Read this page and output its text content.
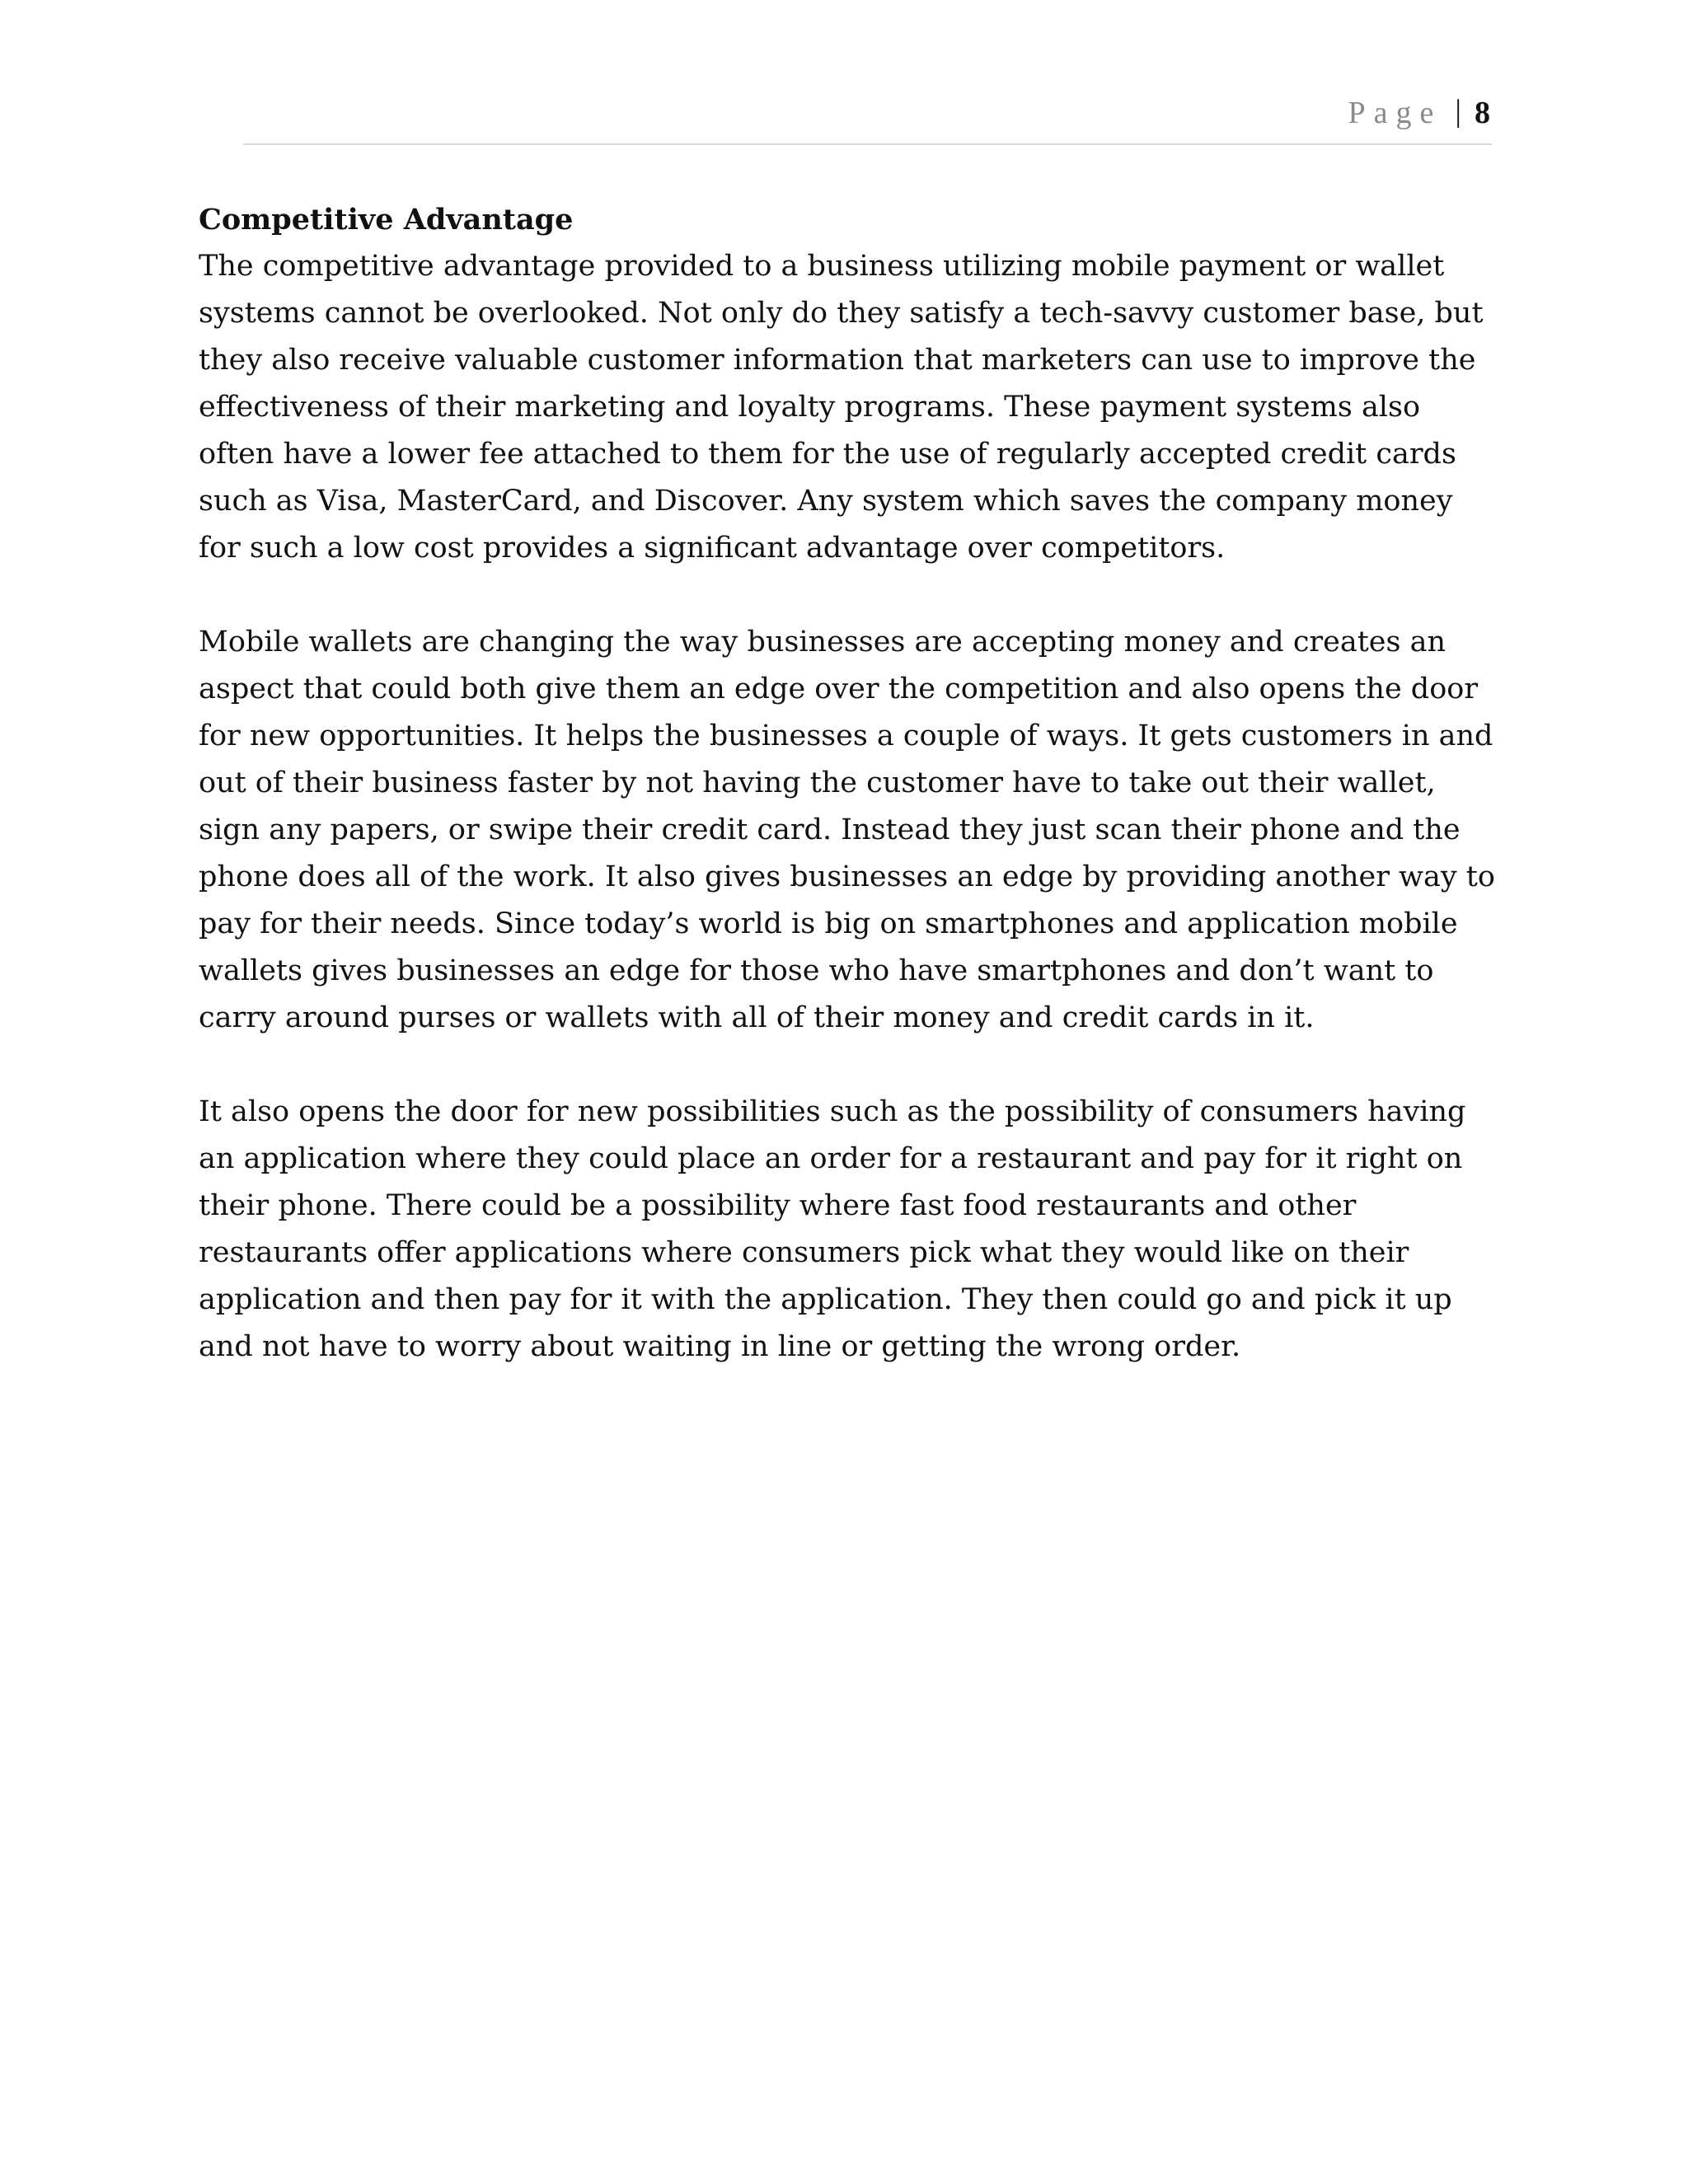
Page | 8
Competitive Advantage

The competitive advantage provided to a business utilizing mobile payment or wallet systems cannot be overlooked. Not only do they satisfy a tech-savvy customer base, but they also receive valuable customer information that marketers can use to improve the effectiveness of their marketing and loyalty programs. These payment systems also often have a lower fee attached to them for the use of regularly accepted credit cards such as Visa, MasterCard, and Discover. Any system which saves the company money for such a low cost provides a significant advantage over competitors.

Mobile wallets are changing the way businesses are accepting money and creates an aspect that could both give them an edge over the competition and also opens the door for new opportunities. It helps the businesses a couple of ways. It gets customers in and out of their business faster by not having the customer have to take out their wallet, sign any papers, or swipe their credit card. Instead they just scan their phone and the phone does all of the work. It also gives businesses an edge by providing another way to pay for their needs. Since today’s world is big on smartphones and application mobile wallets gives businesses an edge for those who have smartphones and don’t want to carry around purses or wallets with all of their money and credit cards in it.

It also opens the door for new possibilities such as the possibility of consumers having an application where they could place an order for a restaurant and pay for it right on their phone. There could be a possibility where fast food restaurants and other restaurants offer applications where consumers pick what they would like on their application and then pay for it with the application. They then could go and pick it up and not have to worry about waiting in line or getting the wrong order.
